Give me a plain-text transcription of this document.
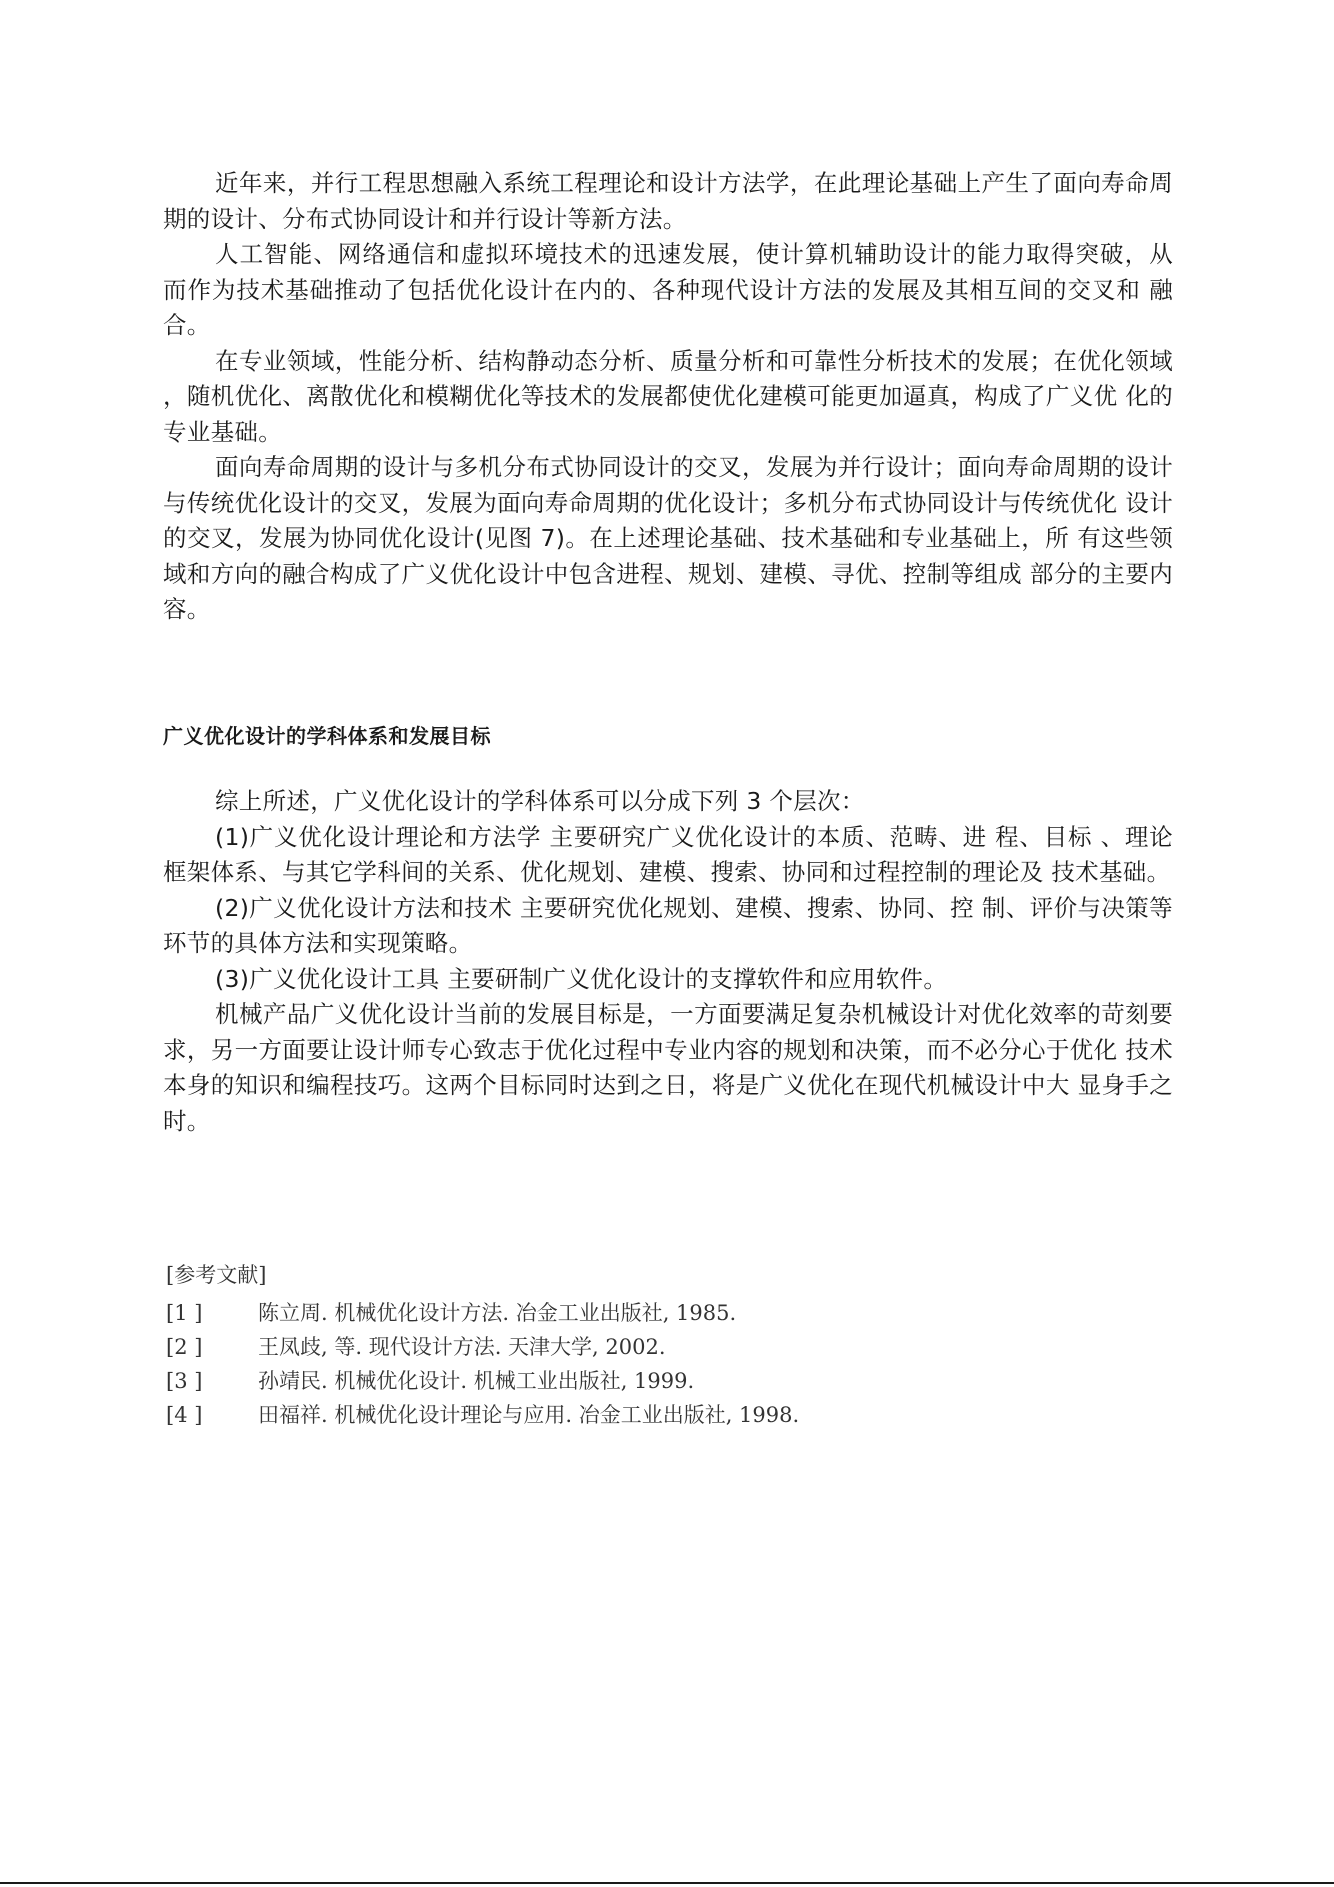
近年来，并行工程思想融入系统工程理论和设计方法学，在此理论基础上产生了面向寿命周 期的设计、分布式协同设计和并行设计等新方法。

人工智能、网络通信和虚拟环境技术的迅速发展，使计算机辅助设计的能力取得突破，从 而作为技术基础推动了包括优化设计在内的、各种现代设计方法的发展及其相互间的交叉和 融合。

在专业领域，性能分析、结构静动态分析、质量分析和可靠性分析技术的发展；在优化领域 ，随机优化、离散优化和模糊优化等技术的发展都使优化建模可能更加逼真，构成了广义优 化的专业基础。

面向寿命周期的设计与多机分布式协同设计的交叉，发展为并行设计；面向寿命周期的设计 与传统优化设计的交叉，发展为面向寿命周期的优化设计；多机分布式协同设计与传统优化 设计的交叉，发展为协同优化设计(见图 7)。在上述理论基础、技术基础和专业基础上，所 有这些领域和方向的融合构成了广义优化设计中包含进程、规划、建模、寻优、控制等组成 部分的主要内容。

广义优化设计的学科体系和发展目标

综上所述，广义优化设计的学科体系可以分成下列 3 个层次：

(1)广义优化设计理论和方法学 主要研究广义优化设计的本质、范畴、进 程、目标 、理论框架体系、与其它学科间的关系、优化规划、建模、搜索、协同和过程控制的理论及 技术基础。

(2)广义优化设计方法和技术 主要研究优化规划、建模、搜索、协同、控 制、评价与决策等环节的具体方法和实现策略。

(3)广义优化设计工具 主要研制广义优化设计的支撑软件和应用软件。

机械产品广义优化设计当前的发展目标是，一方面要满足复杂机械设计对优化效率的苛刻要求，另一方面要让设计师专心致志于优化过程中专业内容的规划和决策，而不必分心于优化 技术本身的知识和编程技巧。这两个目标同时达到之日，将是广义优化在现代机械设计中大 显身手之时。

[参考文献]

[1 ]	陈立周. 机械优化设计方法. 冶金工业出版社, 1985.
[2 ]	王凤歧, 等. 现代设计方法. 天津大学, 2002.
[3 ]	孙靖民. 机械优化设计. 机械工业出版社, 1999.
[4 ]	田福祥. 机械优化设计理论与应用. 冶金工业出版社, 1998.
